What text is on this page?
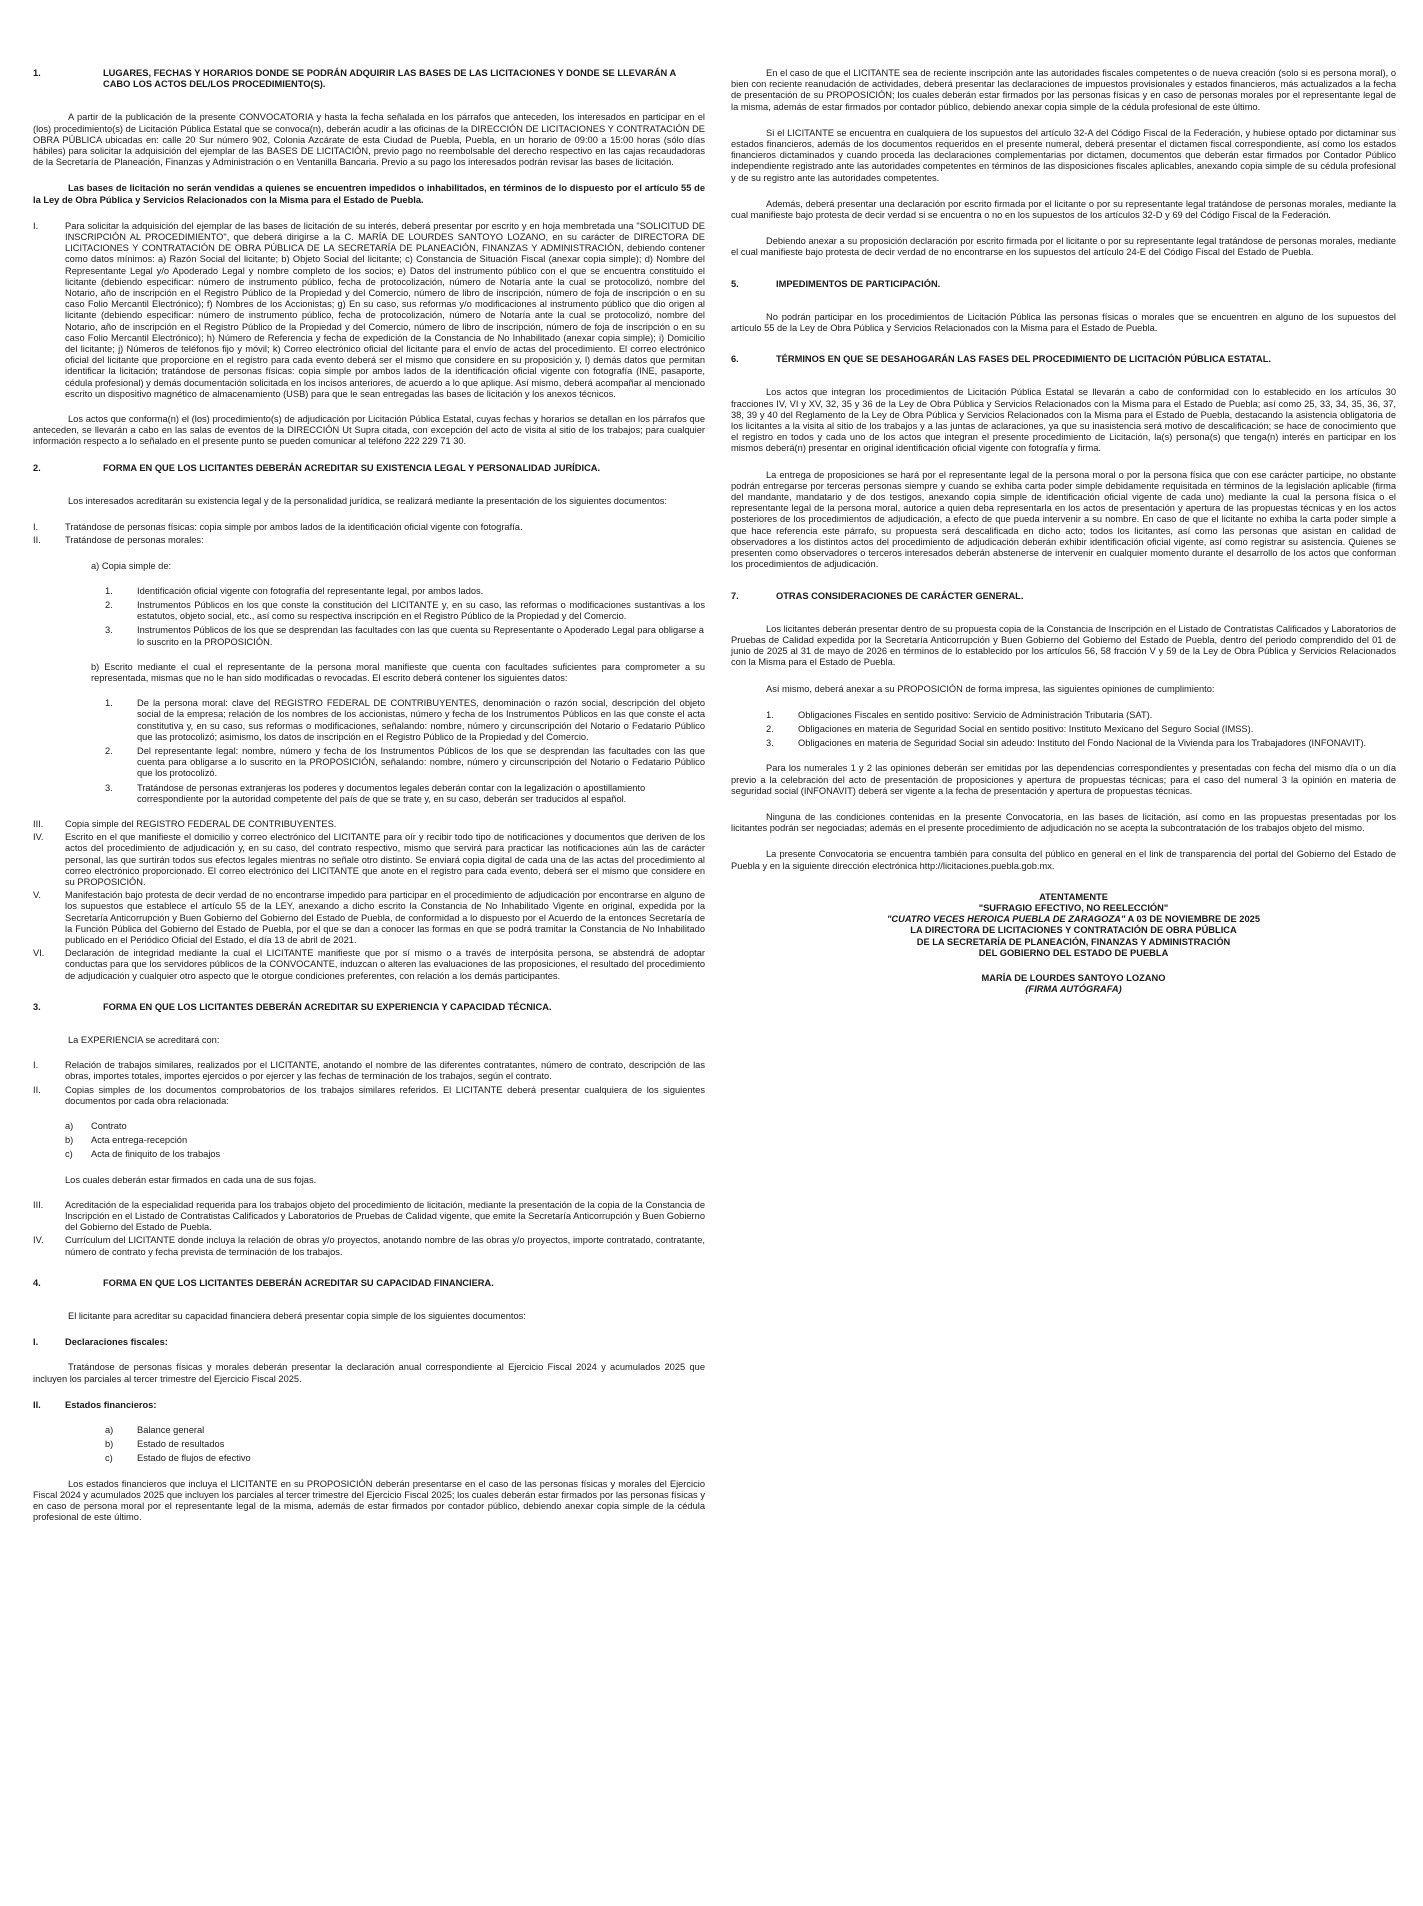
1.	LUGARES, FECHAS Y HORARIOS DONDE SE PODRÁN ADQUIRIR LAS BASES DE LAS LICITACIONES Y DONDE SE LLEVARÁN A CABO LOS ACTOS DEL/LOS PROCEDIMIENTO(S).

A partir de la publicación de la presente CONVOCATORIA y hasta la fecha señalada en los párrafos que anteceden, los interesados en participar en el (los) procedimiento(s) de Licitación Pública Estatal que se convoca(n), deberán acudir a las oficinas de la DIRECCIÓN DE LICITACIONES Y CONTRATACIÓN DE OBRA PÚBLICA ubicadas en: calle 20 Sur número 902, Colonia Azcárate de esta Ciudad de Puebla, Puebla, en un horario de 09:00 a 15:00 horas (sólo días hábiles) para solicitar la adquisición del ejemplar de las BASES DE LICITACIÓN, previo pago no reembolsable del derecho respectivo en las cajas recaudadoras de la Secretaría de Planeación, Finanzas y Administración o en Ventanilla Bancaria. Previo a su pago los interesados podrán revisar las bases de licitación.

Las bases de licitación no serán vendidas a quienes se encuentren impedidos o inhabilitados, en términos de lo dispuesto por el artículo 55 de la Ley de Obra Pública y Servicios Relacionados con la Misma para el Estado de Puebla.

I.	Para solicitar la adquisición del ejemplar de las bases de licitación de su interés, deberá presentar por escrito y en hoja membretada una "SOLICITUD DE INSCRIPCIÓN AL PROCEDIMIENTO", que deberá dirigirse a la C. MARÍA DE LOURDES SANTOYO LOZANO, en su carácter de DIRECTORA DE LICITACIONES Y CONTRATACIÓN DE OBRA PÚBLICA DE LA SECRETARÍA DE PLANEACIÓN, FINANZAS Y ADMINISTRACIÓN, debiendo contener como datos mínimos: a) Razón Social del licitante; b) Objeto Social del licitante; c) Constancia de Situación Fiscal (anexar copia simple); d) Nombre del Representante Legal y/o Apoderado Legal y nombre completo de los socios; e) Datos del instrumento público con el que se encuentra constituido el licitante (debiendo especificar: número de instrumento público, fecha de protocolización, número de Notaría ante la cual se protocolizó, nombre del Notario, año de inscripción en el Registro Público de la Propiedad y del Comercio, número de libro de inscripción, número de foja de inscripción o en su caso Folio Mercantil Electrónico); f) Nombres de los Accionistas; g) En su caso, sus reformas y/o modificaciones al instrumento público que dio origen al licitante (debiendo especificar: número de instrumento público, fecha de protocolización, número de Notaría ante la cual se protocolizó, nombre del Notario, año de inscripción en el Registro Público de la Propiedad y del Comercio, número de libro de inscripción, número de foja de inscripción o en su caso Folio Mercantil Electrónico); h) Número de Referencia y fecha de expedición de la Constancia de No Inhabilitado (anexar copia simple); i) Domicilio del licitante; j) Números de teléfonos fijo y móvil; k) Correo electrónico oficial del licitante para el envío de actas del procedimiento. El correo electrónico oficial del licitante que proporcione en el registro para cada evento deberá ser el mismo que considere en su proposición y, l) demás datos que permitan identificar la licitación; tratándose de personas físicas: copia simple por ambos lados de la identificación oficial vigente con fotografía (INE, pasaporte, cédula profesional) y demás documentación solicitada en los incisos anteriores, de acuerdo a lo que aplique. Así mismo, deberá acompañar al mencionado escrito un dispositivo magnético de almacenamiento (USB) para que le sean entregadas las bases de licitación y los anexos técnicos.

Los actos que conforma(n) el (los) procedimiento(s) de adjudicación por Licitación Pública Estatal, cuyas fechas y horarios se detallan en los párrafos que anteceden, se llevarán a cabo en las salas de eventos de la DIRECCIÓN Ut Supra citada, con excepción del acto de visita al sitio de los trabajos; para cualquier información respecto a lo señalado en el presente punto se pueden comunicar al teléfono 222 229 71 30.

2.	FORMA EN QUE LOS LICITANTES DEBERÁN ACREDITAR SU EXISTENCIA LEGAL Y PERSONALIDAD JURÍDICA.

Los interesados acreditarán su existencia legal y de la personalidad jurídica, se realizará mediante la presentación de los siguientes documentos:

I.	Tratándose de personas físicas: copia simple por ambos lados de la identificación oficial vigente con fotografía.
II.	Tratándose de personas morales:

a) Copia simple de:

1.	Identificación oficial vigente con fotografía del representante legal, por ambos lados.
2.	Instrumentos Públicos en los que conste la constitución del LICITANTE y, en su caso, las reformas o modificaciones sustantivas a los estatutos, objeto social, etc., así como su respectiva inscripción en el Registro Público de la Propiedad y del Comercio.
3.	Instrumentos Públicos de los que se desprendan las facultades con las que cuenta su Representante o Apoderado Legal para obligarse a lo suscrito en la PROPOSICIÓN.

b) Escrito mediante el cual el representante de la persona moral manifieste que cuenta con facultades suficientes para comprometer a su representada, mismas que no le han sido modificadas o revocadas. El escrito deberá contener los siguientes datos:

1.	De la persona moral: clave del REGISTRO FEDERAL DE CONTRIBUYENTES, denominación o razón social, descripción del objeto social de la empresa; relación de los nombres de los accionistas, número y fecha de los Instrumentos Públicos en las que conste el acta constitutiva y, en su caso, sus reformas o modificaciones, señalando: nombre, número y circunscripción del Notario o Fedatario Público que las protocolizó; asimismo, los datos de inscripción en el Registro Público de la Propiedad y del Comercio.
2.	Del representante legal: nombre, número y fecha de los Instrumentos Públicos de los que se desprendan las facultades con las que cuenta para obligarse a lo suscrito en la PROPOSICIÓN, señalando: nombre, número y circunscripción del Notario o Fedatario Público que los protocolizó.
3.	Tratándose de personas extranjeras los poderes y documentos legales deberán contar con la legalización o apostillamiento correspondiente por la autoridad competente del país de que se trate y, en su caso, deberán ser traducidos al español.
III.	Copia simple del REGISTRO FEDERAL DE CONTRIBUYENTES.
IV.	Escrito en el que manifieste el domicilio y correo electrónico del LICITANTE para oír y recibir todo tipo de notificaciones y documentos que deriven de los actos del procedimiento de adjudicación y, en su caso, del contrato respectivo, mismo que servirá para practicar las notificaciones aún las de carácter personal, las que surtirán todos sus efectos legales mientras no señale otro distinto. Se enviará copia digital de cada una de las actas del procedimiento al correo electrónico proporcionado. El correo electrónico del LICITANTE que anote en el registro para cada evento, deberá ser el mismo que considere en su PROPOSICIÓN.
V.	Manifestación bajo protesta de decir verdad de no encontrarse impedido para participar en el procedimiento de adjudicación por encontrarse en alguno de los supuestos que establece el artículo 55 de la LEY, anexando a dicho escrito la Constancia de No Inhabilitado Vigente en original, expedida por la Secretaría Anticorrupción y Buen Gobierno del Gobierno del Estado de Puebla, de conformidad a lo dispuesto por el Acuerdo de la entonces Secretaría de la Función Pública del Gobierno del Estado de Puebla, por el que se dan a conocer las formas en que se podrá tramitar la Constancia de No Inhabilitado publicado en el Periódico Oficial del Estado, el día 13 de abril de 2021.
VI.	Declaración de integridad mediante la cual el LICITANTE manifieste que por sí mismo o a través de interpósita persona, se abstendrá de adoptar conductas para que los servidores públicos de la CONVOCANTE, induzcan o alteren las evaluaciones de las proposiciones, el resultado del procedimiento de adjudicación y cualquier otro aspecto que le otorgue condiciones preferentes, con relación a los demás participantes.
3.	FORMA EN QUE LOS LICITANTES DEBERÁN ACREDITAR SU EXPERIENCIA Y CAPACIDAD TÉCNICA.

La EXPERIENCIA se acreditará con:

I.	Relación de trabajos similares, realizados por el LICITANTE, anotando el nombre de las diferentes contratantes, número de contrato, descripción de las obras, importes totales, importes ejercidos o por ejercer y las fechas de terminación de los trabajos, según el contrato.
II.	Copias simples de los documentos comprobatorios de los trabajos similares referidos. El LICITANTE deberá presentar cualquiera de los siguientes documentos por cada obra relacionada:
a)	Contrato
b)	Acta entrega-recepción
c)	Acta de finiquito de los trabajos

Los cuales deberán estar firmados en cada una de sus fojas.

III.	Acreditación de la especialidad requerida para los trabajos objeto del procedimiento de licitación, mediante la presentación de la copia de la Constancia de Inscripción en el Listado de Contratistas Calificados y Laboratorios de Pruebas de Calidad vigente, que emite la Secretaría Anticorrupción y Buen Gobierno del Gobierno del Estado de Puebla.
IV.	Currículum del LICITANTE donde incluya la relación de obras y/o proyectos, anotando nombre de las obras y/o proyectos, importe contratado, contratante, número de contrato y fecha prevista de terminación de los trabajos.
4.	FORMA EN QUE LOS LICITANTES DEBERÁN ACREDITAR SU CAPACIDAD FINANCIERA.

El licitante para acreditar su capacidad financiera deberá presentar copia simple de los siguientes documentos:

I.	Declaraciones fiscales:

Tratándose de personas físicas y morales deberán presentar la declaración anual correspondiente al Ejercicio Fiscal 2024 y acumulados 2025 que incluyen los parciales al tercer trimestre del Ejercicio Fiscal 2025.

II.	Estados financieros:
a)	Balance general
b)	Estado de resultados
c)	Estado de flujos de efectivo

Los estados financieros que incluya el LICITANTE en su PROPOSICIÓN deberán presentarse en el caso de las personas físicas y morales del Ejercicio Fiscal 2024 y acumulados 2025 que incluyen los parciales al tercer trimestre del Ejercicio Fiscal 2025; los cuales deberán estar firmados por las personas físicas y en caso de persona moral por el representante legal de la misma, además de estar firmados por contador público, debiendo anexar copia simple de la cédula profesional de este último.

En el caso de que el LICITANTE sea de reciente inscripción ante las autoridades fiscales competentes o de nueva creación (solo si es persona moral), o bien con reciente reanudación de actividades, deberá presentar las declaraciones de impuestos provisionales y estados financieros, más actualizados a la fecha de presentación de su PROPOSICIÓN; los cuales deberán estar firmados por las personas físicas y en caso de personas morales por el representante legal de la misma, además de estar firmados por contador público, debiendo anexar copia simple de la cédula profesional de este último.

Si el LICITANTE se encuentra en cualquiera de los supuestos del artículo 32-A del Código Fiscal de la Federación, y hubiese optado por dictaminar sus estados financieros, además de los documentos requeridos en el presente numeral, deberá presentar el dictamen fiscal correspondiente, así como los estados financieros dictaminados y cuando proceda las declaraciones complementarias por dictamen, documentos que deberán estar firmados por Contador Público independiente registrado ante las autoridades competentes en términos de las disposiciones fiscales aplicables, anexando copia simple de su cédula profesional y de su registro ante las autoridades competentes.

Además, deberá presentar una declaración por escrito firmada por el licitante o por su representante legal tratándose de personas morales, mediante la cual manifieste bajo protesta de decir verdad si se encuentra o no en los supuestos de los artículos 32-D y 69 del Código Fiscal de la Federación.

Debiendo anexar a su proposición declaración por escrito firmada por el licitante o por su representante legal tratándose de personas morales, mediante el cual manifieste bajo protesta de decir verdad de no encontrarse en los supuestos del artículo 24-E del Código Fiscal del Estado de Puebla.

5.	IMPEDIMENTOS DE PARTICIPACIÓN.

No podrán participar en los procedimientos de Licitación Pública las personas físicas o morales que se encuentren en alguno de los supuestos del artículo 55 de la Ley de Obra Pública y Servicios Relacionados con la Misma para el Estado de Puebla.

6.	TÉRMINOS EN QUE SE DESAHOGARÁN LAS FASES DEL PROCEDIMIENTO DE LICITACIÓN PÚBLICA ESTATAL.

Los actos que integran los procedimientos de Licitación Pública Estatal se llevarán a cabo de conformidad con lo establecido en los artículos 30 fracciones IV, VI y XV, 32, 35 y 36 de la Ley de Obra Pública y Servicios Relacionados con la Misma para el Estado de Puebla; así como 25, 33, 34, 35, 36, 37, 38, 39 y 40 del Reglamento de la Ley de Obra Pública y Servicios Relacionados con la Misma para el Estado de Puebla, destacando la asistencia obligatoria de los licitantes a la visita al sitio de los trabajos y a las juntas de aclaraciones, ya que su inasistencia será motivo de descalificación; se hace de conocimiento que el registro en todos y cada uno de los actos que integran el presente procedimiento de Licitación, la(s) persona(s) que tenga(n) interés en participar en los mismos deberá(n) presentar en original identificación oficial vigente con fotografía y firma.

La entrega de proposiciones se hará por el representante legal de la persona moral o por la persona física que con ese carácter participe, no obstante podrán entregarse por terceras personas siempre y cuando se exhiba carta poder simple debidamente requisitada en términos de la legislación aplicable (firma del mandante, mandatario y de dos testigos, anexando copia simple de identificación oficial vigente de cada uno) mediante la cual la persona física o el representante legal de la persona moral, autorice a quien deba representarla en los actos de presentación y apertura de las propuestas técnicas y en los actos posteriores de los procedimientos de adjudicación, a efecto de que pueda intervenir a su nombre. En caso de que el licitante no exhiba la carta poder simple a que hace referencia este párrafo, su propuesta será descalificada en dicho acto; todos los licitantes, así como las personas que asistan en calidad de observadores a los distintos actos del procedimiento de adjudicación deberán exhibir identificación oficial vigente, así como registrar su asistencia. Quienes se presenten como observadores o terceros interesados deberán abstenerse de intervenir en cualquier momento durante el desarrollo de los actos que conforman los procedimientos de adjudicación.

7.	OTRAS CONSIDERACIONES DE CARÁCTER GENERAL.

Los licitantes deberán presentar dentro de su propuesta copia de la Constancia de Inscripción en el Listado de Contratistas Calificados y Laboratorios de Pruebas de Calidad expedida por la Secretaría Anticorrupción y Buen Gobierno del Gobierno del Estado de Puebla, dentro del periodo comprendido del 01 de junio de 2025 al 31 de mayo de 2026 en términos de lo establecido por los artículos 56, 58 fracción V y 59 de la Ley de Obra Pública y Servicios Relacionados con la Misma para el Estado de Puebla.

Así mismo, deberá anexar a su PROPOSICIÓN de forma impresa, las siguientes opiniones de cumplimiento:

1.	Obligaciones Fiscales en sentido positivo: Servicio de Administración Tributaria (SAT).
2.	Obligaciones en materia de Seguridad Social en sentido positivo: Instituto Mexicano del Seguro Social (IMSS).
3.	Obligaciones en materia de Seguridad Social sin adeudo: Instituto del Fondo Nacional de la Vivienda para los Trabajadores (INFONAVIT).

Para los numerales 1 y 2 las opiniones deberán ser emitidas por las dependencias correspondientes y presentadas con fecha del mismo día o un día previo a la celebración del acto de presentación de proposiciones y apertura de propuestas técnicas; para el caso del numeral 3 la opinión en materia de seguridad social (INFONAVIT) deberá ser vigente a la fecha de presentación y apertura de propuestas técnicas.

Ninguna de las condiciones contenidas en la presente Convocatoria, en las bases de licitación, así como en las propuestas presentadas por los licitantes podrán ser negociadas; además en el presente procedimiento de adjudicación no se acepta la subcontratación de los trabajos objeto del mismo.

La presente Convocatoria se encuentra también para consulta del público en general en el link de transparencia del portal del Gobierno del Estado de Puebla y en la siguiente dirección electrónica http://licitaciones.puebla.gob.mx.

ATENTAMENTE

"SUFRAGIO EFECTIVO, NO REELECCIÓN"

"CUATRO VECES HEROICA PUEBLA DE ZARAGOZA" A 03 DE NOVIEMBRE DE 2025

LA DIRECTORA DE LICITACIONES Y CONTRATACIÓN DE OBRA PÚBLICA

DE LA SECRETARÍA DE PLANEACIÓN, FINANZAS Y ADMINISTRACIÓN

DEL GOBIERNO DEL ESTADO DE PUEBLA

MARÍA DE LOURDES SANTOYO LOZANO

(FIRMA AUTÓGRAFA)
